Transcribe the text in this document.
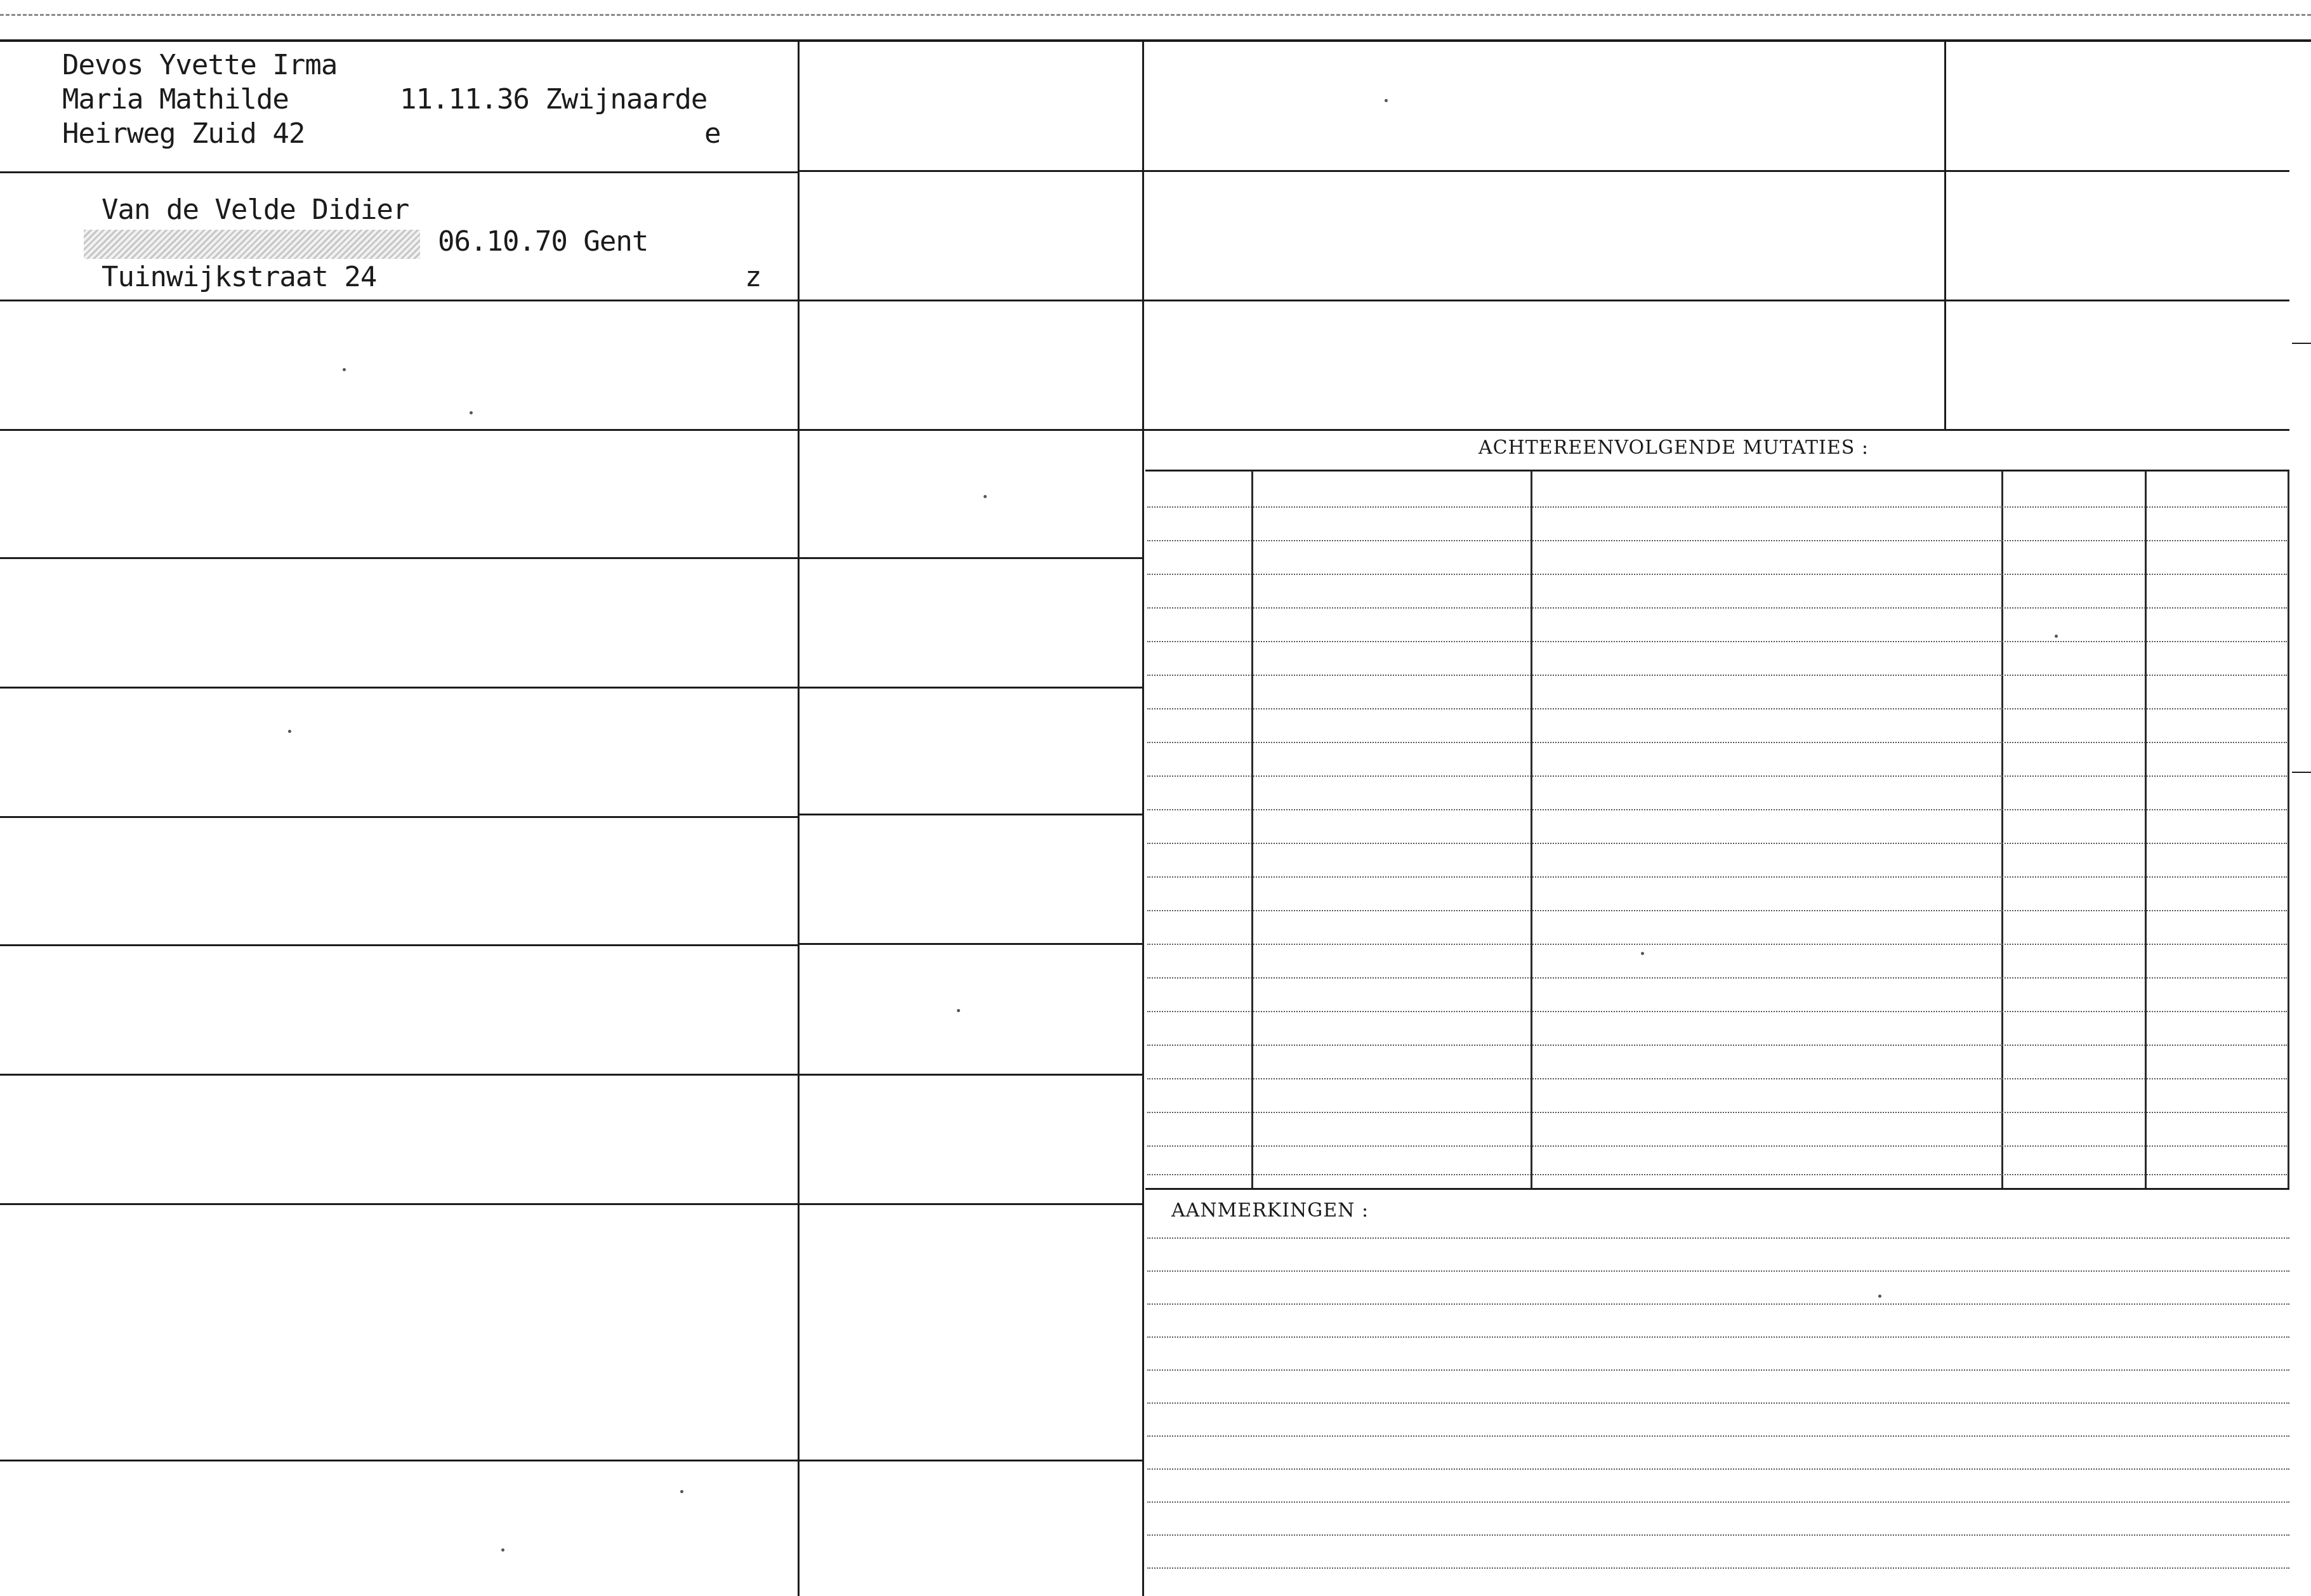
Devos Yvette Irma
Maria Mathilde	11.11.36 Zwijnaarde
Heirweg Zuid 42	e
Van de Velde Didier
06.10.70 Gent
Tuinwijkstraat 24	z
ACHTEREENVOLGENDE MUTATIES :
AANMERKINGEN :
